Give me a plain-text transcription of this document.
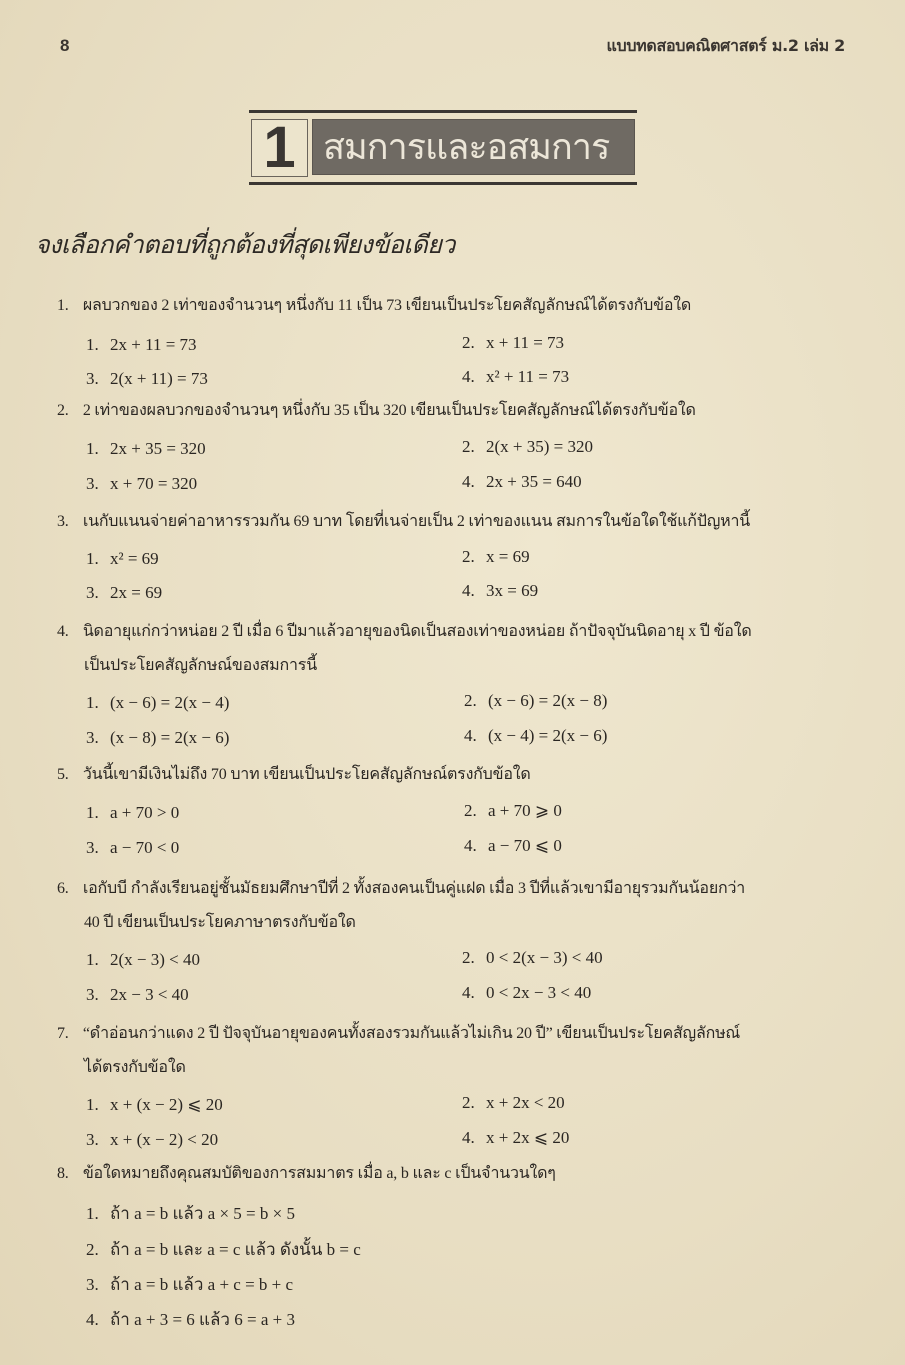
8	แบบทดสอบคณิตศาสตร์ ม.2 เล่ม 2
1 สมการและอสมการ
จงเลือกคำตอบที่ถูกต้องที่สุดเพียงข้อเดียว
1. ผลบวกของ 2 เท่าของจำนวนๆ หนึ่งกับ 11 เป็น 73 เขียนเป็นประโยคสัญลักษณ์ได้ตรงกับข้อใด
1. 2x + 11 = 73	2. x + 11 = 73
3. 2(x + 11) = 73	4. x² + 11 = 73
2. 2 เท่าของผลบวกของจำนวนๆ หนึ่งกับ 35 เป็น 320 เขียนเป็นประโยคสัญลักษณ์ได้ตรงกับข้อใด
1. 2x + 35 = 320	2. 2(x + 35) = 320
3. x + 70 = 320	4. 2x + 35 = 640
3. เนกับแนนจ่ายค่าอาหารรวมกัน 69 บาท โดยที่เนจ่ายเป็น 2 เท่าของแนน สมการในข้อใดใช้แก้ปัญหานี้
1. x² = 69	2. x = 69
3. 2x = 69	4. 3x = 69
4. นิดอายุแก่กว่าหน่อย 2 ปี เมื่อ 6 ปีมาแล้วอายุของนิดเป็นสองเท่าของหน่อย ถ้าปัจจุบันนิดอายุ x ปี ข้อใด
เป็นประโยคสัญลักษณ์ของสมการนี้
1. (x − 6) = 2(x − 4)	2. (x − 6) = 2(x − 8)
3. (x − 8) = 2(x − 6)	4. (x − 4) = 2(x − 6)
5. วันนี้เขามีเงินไม่ถึง 70 บาท เขียนเป็นประโยคสัญลักษณ์ตรงกับข้อใด
1. a + 70 > 0	2. a + 70 ⩾ 0
3. a − 70 < 0	4. a − 70 ⩽ 0
6. เอกับบี กำลังเรียนอยู่ชั้นมัธยมศึกษาปีที่ 2 ทั้งสองคนเป็นคู่แฝด เมื่อ 3 ปีที่แล้วเขามีอายุรวมกันน้อยกว่า
40 ปี เขียนเป็นประโยคภาษาตรงกับข้อใด
1. 2(x − 3) < 40	2. 0 < 2(x − 3) < 40
3. 2x − 3 < 40	4. 0 < 2x − 3 < 40
7. “ดำอ่อนกว่าแดง 2 ปี ปัจจุบันอายุของคนทั้งสองรวมกันแล้วไม่เกิน 20 ปี” เขียนเป็นประโยคสัญลักษณ์
ได้ตรงกับข้อใด
1. x + (x − 2) ⩽ 20	2. x + 2x < 20
3. x + (x − 2) < 20	4. x + 2x ⩽ 20
8. ข้อใดหมายถึงคุณสมบัติของการสมมาตร เมื่อ a, b และ c เป็นจำนวนใดๆ
1. ถ้า a = b แล้ว a × 5 = b × 5
2. ถ้า a = b และ a = c แล้ว ดังนั้น b = c
3. ถ้า a = b แล้ว a + c = b + c
4. ถ้า a + 3 = 6 แล้ว 6 = a + 3
